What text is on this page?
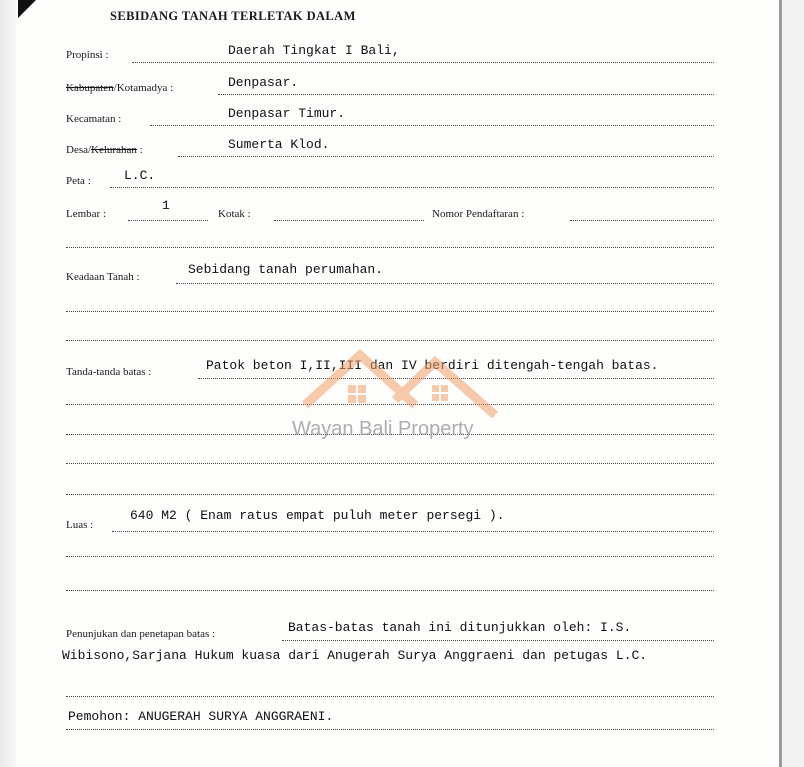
SEBIDANG TANAH TERLETAK DALAM
Propinsi :	Daerah Tingkat I Bali,
Kabupaten/Kotamadya :	Denpasar.
Kecamatan :	Denpasar Timur.
Desa/Kelurahan :	Sumerta Klod.
Peta :	L.C.
Lembar :
1
Kotak :	Nomor Pendaftaran :
Keadaan Tanah :	Sebidang tanah perumahan.
Tanda-tanda batas :	Patok beton I,II,III dan IV berdiri ditengah-tengah batas.
Wayan Bali Property
Luas :
640 M2 ( Enam ratus empat puluh meter persegi ).
Penunjukan dan penetapan batas :	Batas-batas tanah ini ditunjukkan oleh: I.S.
Wibisono,Sarjana Hukum kuasa dari Anugerah Surya Anggraeni dan petugas L.C.
Pemohon: ANUGERAH SURYA ANGGRAENI.
